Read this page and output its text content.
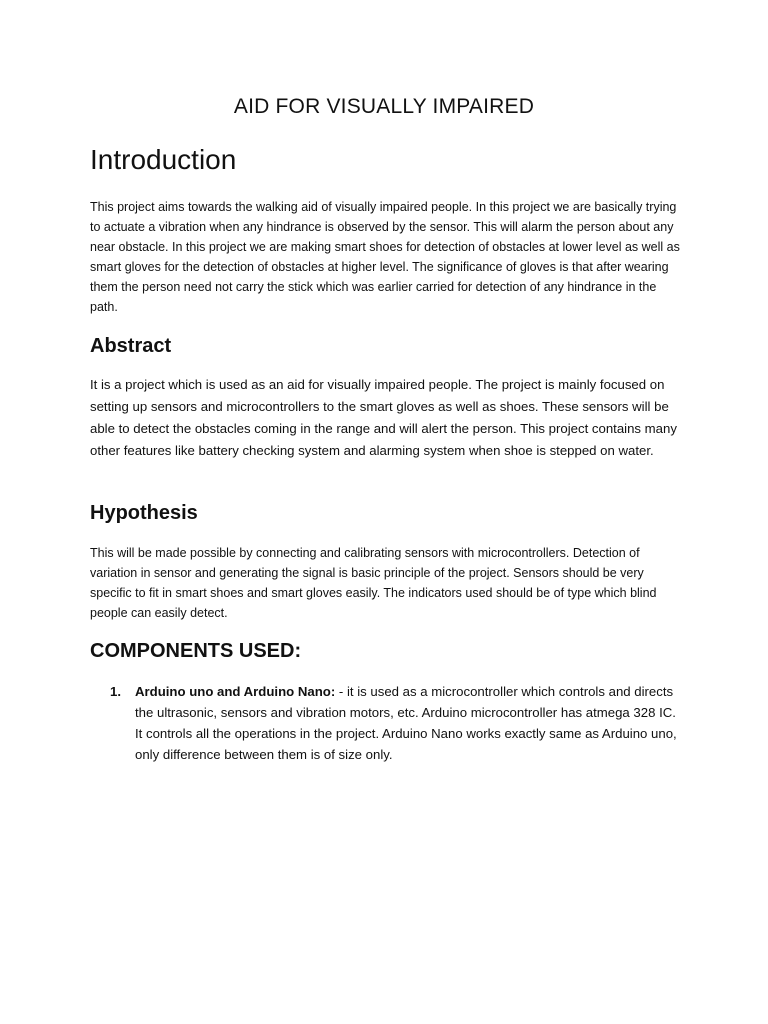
AID FOR VISUALLY IMPAIRED
Introduction
This project aims towards the walking aid of visually impaired people. In this project we are basically trying to actuate a vibration when any hindrance is observed by the sensor. This will alarm the person about any near obstacle. In this project we are making smart shoes for detection of obstacles at lower level as well as smart gloves for the detection of obstacles at higher level. The significance of gloves is that after wearing them the person need not carry the stick which was earlier carried for detection of any hindrance in the path.
Abstract
It is a project which is used as an aid for visually impaired people. The project is mainly focused on setting up sensors and microcontrollers to the smart gloves as well as shoes. These sensors will be able to detect the obstacles coming in the range and will alert the person. This project contains many other features like battery checking system and alarming system when shoe is stepped on water.
Hypothesis
This will be made possible by connecting and calibrating sensors with microcontrollers. Detection of variation in sensor and generating the signal is basic principle of the project. Sensors should be very specific to fit in smart shoes and smart gloves easily. The indicators used should be of type which blind people can easily detect.
COMPONENTS USED:
1. Arduino uno and Arduino Nano: - it is used as a microcontroller which controls and directs the ultrasonic, sensors and vibration motors, etc. Arduino microcontroller has atmega 328 IC. It controls all the operations in the project. Arduino Nano works exactly same as Arduino uno, only difference between them is of size only.
